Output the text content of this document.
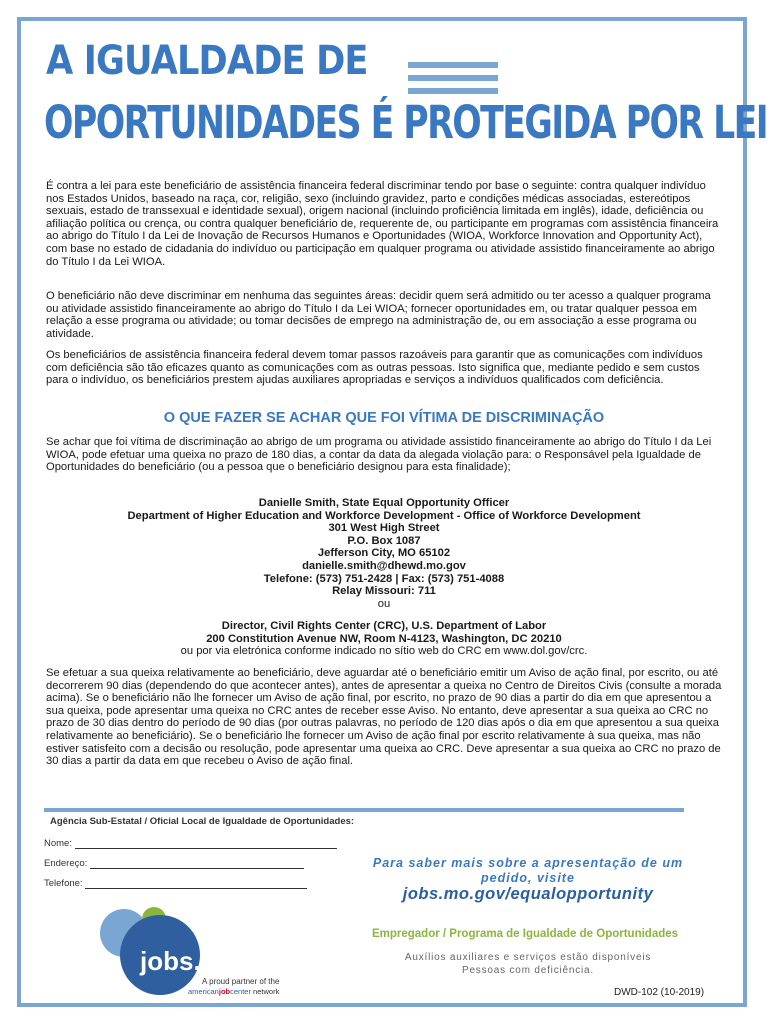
A IGUALDADE DE
OPORTUNIDADES É PROTEGIDA POR LEI

É contra a lei para este beneficiário de assistência financeira federal discriminar tendo por base o seguinte: contra qualquer indivíduo nos Estados Unidos, baseado na raça, cor, religião, sexo (incluindo gravidez, parto e condições médicas associadas, estereótipos sexuais, estado de transsexual e identidade sexual), origem nacional (incluindo proficiência limitada em inglês), idade, deficiência ou afiliação política ou crença, ou contra qualquer beneficiário de, requerente de, ou participante em programas com assistência financeira ao abrigo do Título I da Lei de Inovação de Recursos Humanos e Oportunidades (WIOA, Workforce Innovation and Opportunity Act), com base no estado de cidadania do indivíduo ou participação em qualquer programa ou atividade assistido financeiramente ao abrigo do Título I da Lei WIOA.

O beneficiário não deve discriminar em nenhuma das seguintes áreas: decidir quem será admitido ou ter acesso a qualquer programa ou atividade assistido financeiramente ao abrigo do Título I da Lei WIOA; fornecer oportunidades em, ou tratar qualquer pessoa em relação a esse programa ou atividade; ou tomar decisões de emprego na administração de, ou em associação a esse programa ou atividade.

Os beneficiários de assistência financeira federal devem tomar passos razoáveis para garantir que as comunicações com indivíduos com deficiência são tão eficazes quanto as comunicações com as outras pessoas. Isto significa que, mediante pedido e sem custos para o indivíduo, os beneficiários prestem ajudas auxiliares apropriadas e serviços a indivíduos qualificados com deficiência.

O QUE FAZER SE ACHAR QUE FOI VÍTIMA DE DISCRIMINAÇÃO

Se achar que foi vítima de discriminação ao abrigo de um programa ou atividade assistido financeiramente ao abrigo do Título I da Lei WIOA, pode efetuar uma queixa no prazo de 180 dias, a contar da data da alegada violação para: o Responsável pela Igualdade de Oportunidades do beneficiário (ou a pessoa que o beneficiário designou para esta finalidade);

Danielle Smith, State Equal Opportunity Officer
Department of Higher Education and Workforce Development - Office of Workforce Development
301 West High Street
P.O. Box 1087
Jefferson City, MO 65102
danielle.smith@dhewd.mo.gov
Telefone: (573) 751-2428 | Fax: (573) 751-4088
Relay Missouri: 711
ou
Director, Civil Rights Center (CRC), U.S. Department of Labor
200 Constitution Avenue NW, Room N-4123, Washington, DC 20210
ou por via eletrónica conforme indicado no sítio web do CRC em www.dol.gov/crc.

Se efetuar a sua queixa relativamente ao beneficiário, deve aguardar até o beneficiário emitir um Aviso de ação final, por escrito, ou até decorrerem 90 dias (dependendo do que acontecer antes), antes de apresentar a queixa no Centro de Direitos Civis (consulte a morada acima). Se o beneficiário não lhe fornecer um Aviso de ação final, por escrito, no prazo de 90 dias a partir do dia em que apresentou a sua queixa, pode apresentar uma queixa no CRC antes de receber esse Aviso. No entanto, deve apresentar a sua queixa ao CRC no prazo de 30 dias dentro do período de 90 dias (por outras palavras, no período de 120 dias após o dia em que apresentou a sua queixa relativamente ao beneficiário). Se o beneficiário lhe fornecer um Aviso de ação final por escrito relativamente à sua queixa, mas não estiver satisfeito com a decisão ou resolução, pode apresentar uma queixa ao CRC. Deve apresentar a sua queixa ao CRC no prazo de 30 dias a partir da data em que recebeu o Aviso de ação final.

Agência Sub-Estatal / Oficial Local de Igualdade de Oportunidades:
Nome:
Endereço:
Telefone:
Para saber mais sobre a apresentação de um pedido, visite
jobs.mo.gov/equalopportunity
Empregador / Programa de Igualdade de Oportunidades
Auxílios auxiliares e serviços estão disponíveis
Pessoas com deficiência.
jobs.mo.gov
A proud partner of the
americanjobcenter network	DWD-102 (10-2019)
